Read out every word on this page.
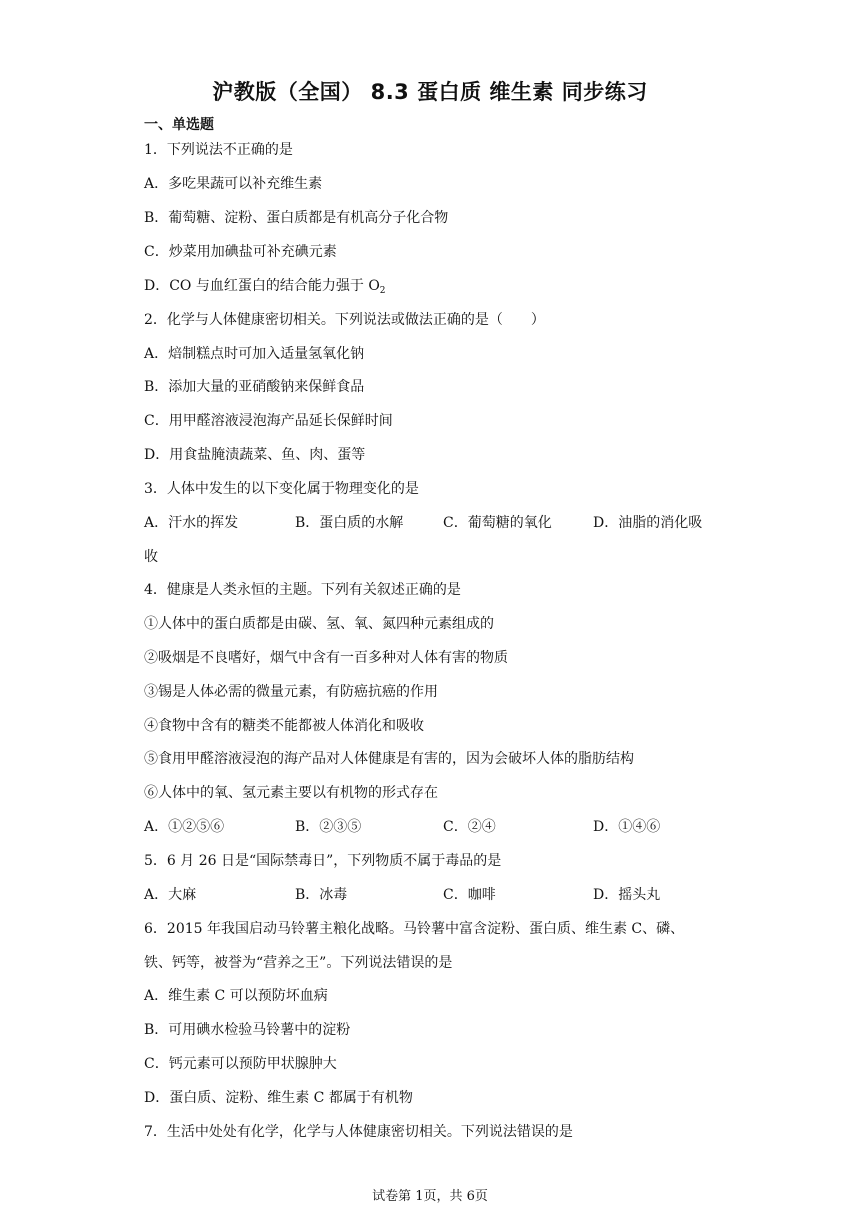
沪教版（全国） 8.3 蛋白质 维生素 同步练习
一、单选题
1．下列说法不正确的是
A．多吃果蔬可以补充维生素
B．葡萄糖、淀粉、蛋白质都是有机高分子化合物
C．炒菜用加碘盐可补充碘元素
D．CO 与血红蛋白的结合能力强于 $O_2$
2．化学与人体健康密切相关。下列说法或做法正确的是（　　）
A．焙制糕点时可加入适量氢氧化钠
B．添加大量的亚硝酸钠来保鲜食品
C．用甲醛溶液浸泡海产品延长保鲜时间
D．用食盐腌渍蔬菜、鱼、肉、蛋等
3．人体中发生的以下变化属于物理变化的是
A．汗水的挥发	B．蛋白质的水解	C．葡萄糖的氧化	D．油脂的消化吸
收
4．健康是人类永恒的主题。下列有关叙述正确的是
①人体中的蛋白质都是由碳、氢、氧、氮四种元素组成的
②吸烟是不良嗜好，烟气中含有一百多种对人体有害的物质
③锡是人体必需的微量元素，有防癌抗癌的作用
④食物中含有的糖类不能都被人体消化和吸收
⑤食用甲醛溶液浸泡的海产品对人体健康是有害的，因为会破坏人体的脂肪结构
⑥人体中的氧、氢元素主要以有机物的形式存在
A．①②⑤⑥	B．②③⑤	C．②④	D．①④⑥
5．6 月 26 日是“国际禁毒日”，下列物质不属于毒品的是
A．大麻	B．冰毒	C．咖啡	D．摇头丸
6．2015 年我国启动马铃薯主粮化战略。马铃薯中富含淀粉、蛋白质、维生素 C、磷、
铁、钙等，被誉为“营养之王”。下列说法错误的是
A．维生素 C 可以预防坏血病
B．可用碘水检验马铃薯中的淀粉
C．钙元素可以预防甲状腺肿大
D．蛋白质、淀粉、维生素 C 都属于有机物
7．生活中处处有化学，化学与人体健康密切相关。下列说法错误的是
试卷第 1页，共 6页
